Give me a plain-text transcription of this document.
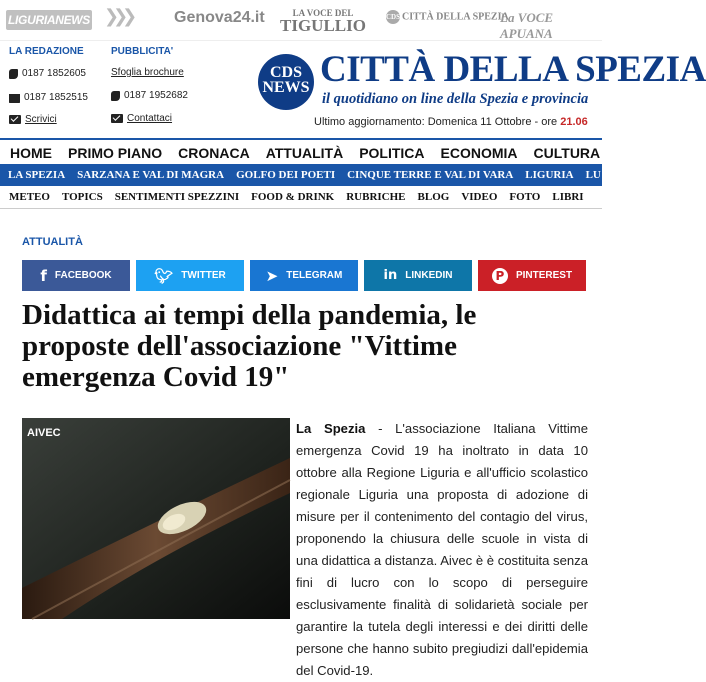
LIGURIANEWS ❯❯❯	Genova24.it	LA VOCE DEL
TIGULLIO	CDS CITTÀ DELLA SPEZIA
La VOCE APUANA
LA REDAZIONE
0187 1852605
0187 1852515
Scrivici
PUBBLICITA'
Sfoglia brochure
0187 1952682
Contattaci
CDS
NEWS CITTÀ DELLA SPEZIA
il quotidiano on line della Spezia e provincia
Ultimo aggiornamento: Domenica 11 Ottobre - ore 21.06
HOME	PRIMO PIANO	CRONACA	ATTUALITÀ	POLITICA	ECONOMIA	CULTURA
LA SPEZIA	SARZANA E VAL DI MAGRA	GOLFO DEI POETI	CINQUE TERRE E VAL DI VARA	LIGURIA	LU
METEO	TOPICS	SENTIMENTI SPEZZINI	FOOD & DRINK	RUBRICHE	BLOG	VIDEO	FOTO	LIBRI
ATTUALITÀ
f FACEBOOK	🐦︎ TWITTER	➤ TELEGRAM	in LINKEDIN	P	PINTEREST
Didattica ai tempi della pandemia, le proposte dell'associazione "Vittime emergenza Covid 19"
AIVEC	La Spezia - L'associazione Italiana Vittime emergenza Covid 19 ha inoltrato in data 10 ottobre alla Regione Liguria e all'ufficio scolastico regionale Liguria una proposta di adozione di misure per il contenimento del contagio del virus, proponendo la chiusura delle scuole in vista di una didattica a distanza. Aivec è è costituita senza fini di lucro con lo scopo di perseguire esclusivamente finalità di solidarietà sociale per garantire la tutela degli interessi e dei diritti delle persone che hanno subito pregiudizi dall'epidemia del Covid-19.
